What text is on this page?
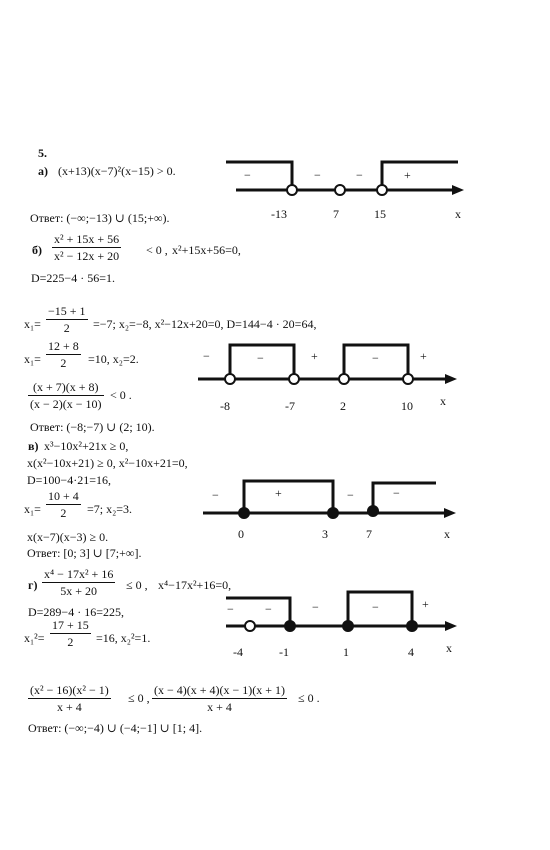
5.
а) (x+13)(x−7)²(x−15) > 0.
Ответ: (−∞;−13) ∪ (15;+∞).
−	−	−	+
-13	7	15	x
$б) \frac{\text{x² + 15x + 56}}{\text{x² − 12x + 20}} < 0$ , x²+15x+56=0,
D=225−4 · 56=1.
$x_1= \frac{-15 + 1}{2} =-7$; x₂=−8, x²−12x+20=0, D=144−4 · 20=64,
$x_1= \frac{12 + 8}{2} =10$, x₂=2.
$\frac{(x + 7)(x + 8)}{(x - 2)(x - 10)} < 0$ .
Ответ: (−8;−7) ∪ (2; 10).
−	−	+	−	+
-8	-7	2	10 x
в) x³−10x²+21x ≥ 0,
x(x²−10x+21) ≥ 0, x²−10x+21=0,
D=100−4·21=16,
$x_1= \frac{10 + 4}{2} =7$; x₂=3.
x(x−7)(x−3) ≥ 0.
Ответ: [0; 3] ∪ [7;+∞].
−	+	−	−
0	3	7	x
$г) \frac{\text{x⁴ − 17x² + 16}}{5x + 20} \le 0$ , x⁴−17x²+16=0,
D=289−4 · 16=225,
$x_1^2= \frac{17 + 15}{2} =16$, x₂²=1.
$\frac{\text{(x² − 16)(x² − 1)}}{x + 4} \le 0$ , $\frac{(x - 4)(x + 4)(x - 1)(x + 1)}{x + 4} \le 0$ .
Ответ: (−∞;−4) ∪ (−4;−1] ∪ [1; 4].
−	−	−	−	+
-4	-1	1	4	x
